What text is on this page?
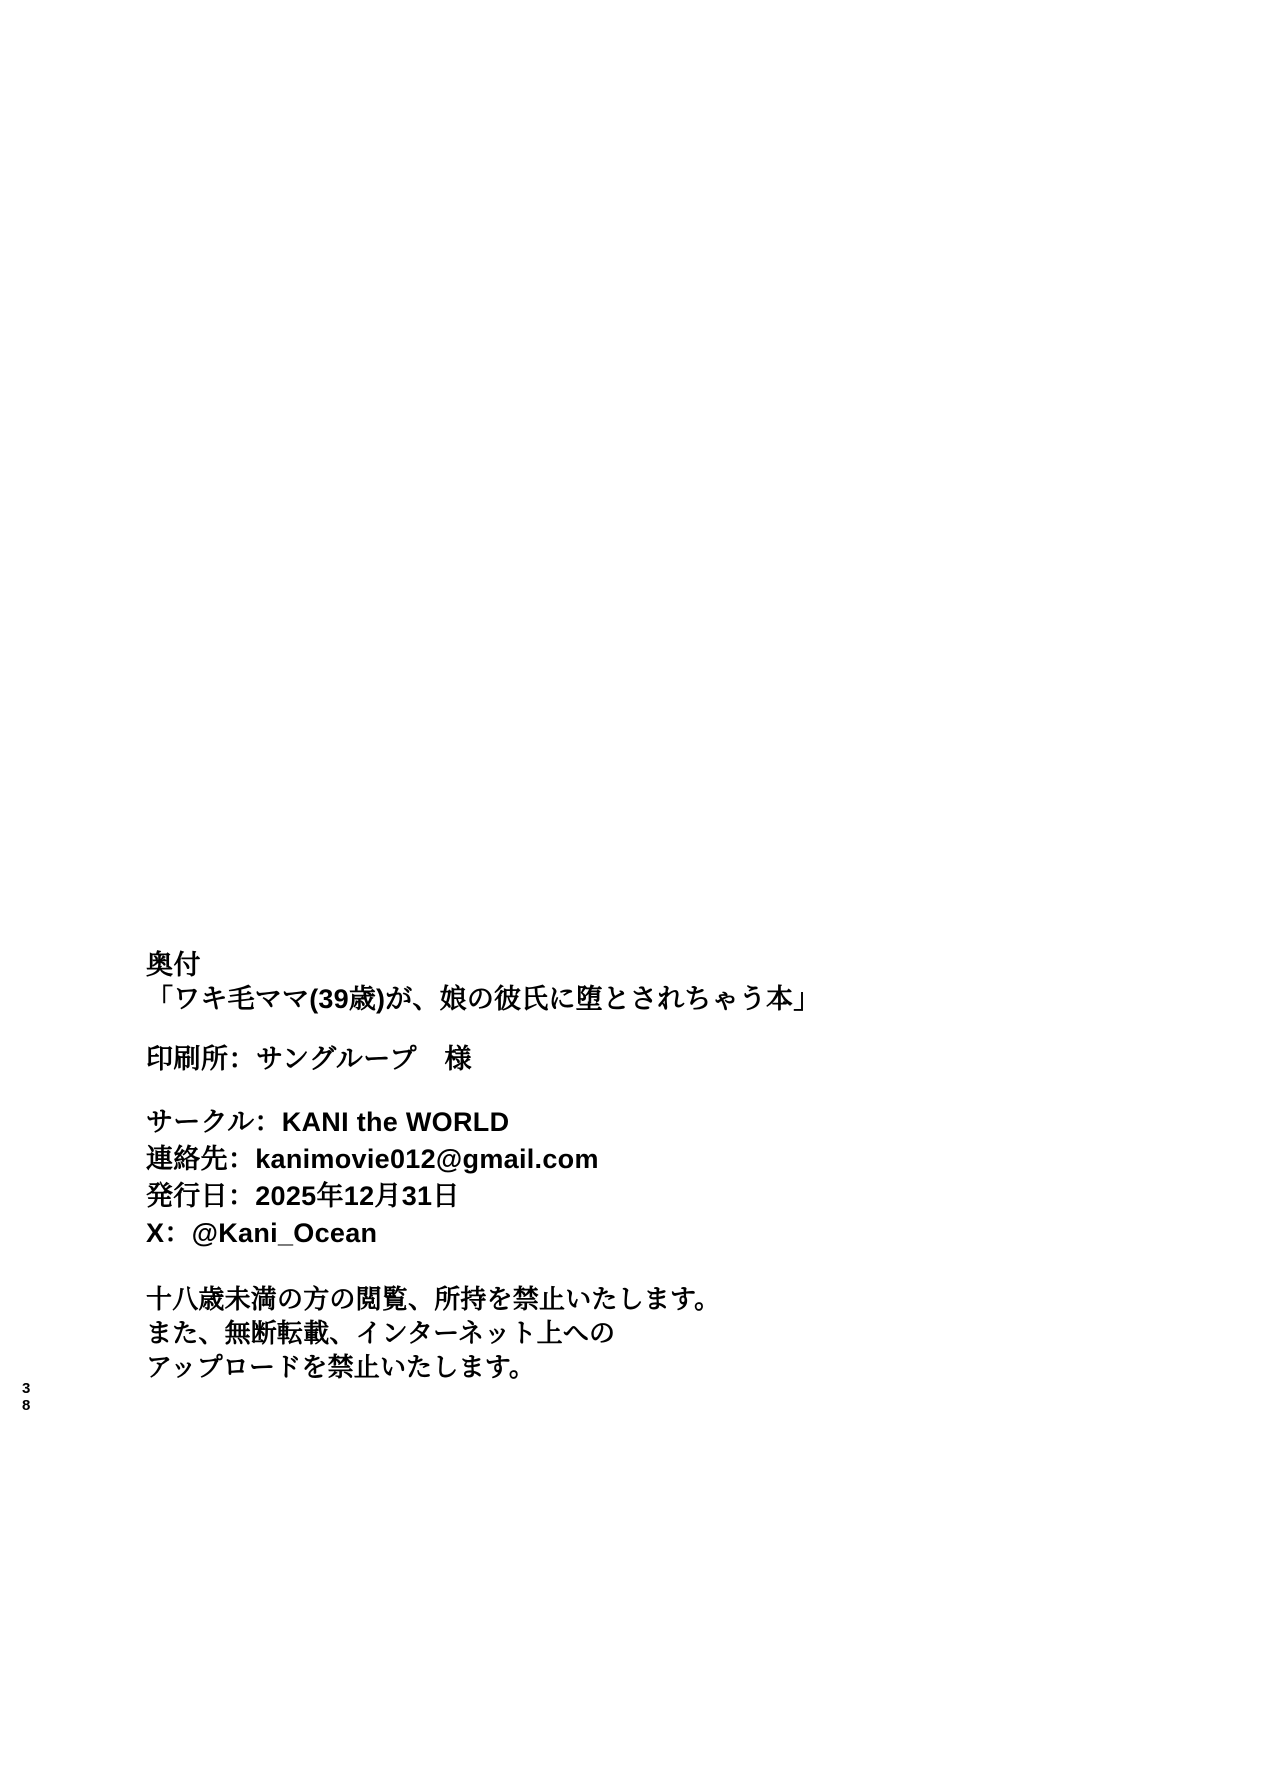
3
8
奥付
「ワキ毛ママ(39歳)が、娘の彼氏に堕とされちゃう本」
印刷所：サングループ　様
サークル：KANI the WORLD
連絡先：kanimovie012@gmail.com
発行日：2025年12月31日
X：@Kani_Ocean
十八歳未満の方の閲覧、所持を禁止いたします。
また、無断転載、インターネット上への
アップロードを禁止いたします。
